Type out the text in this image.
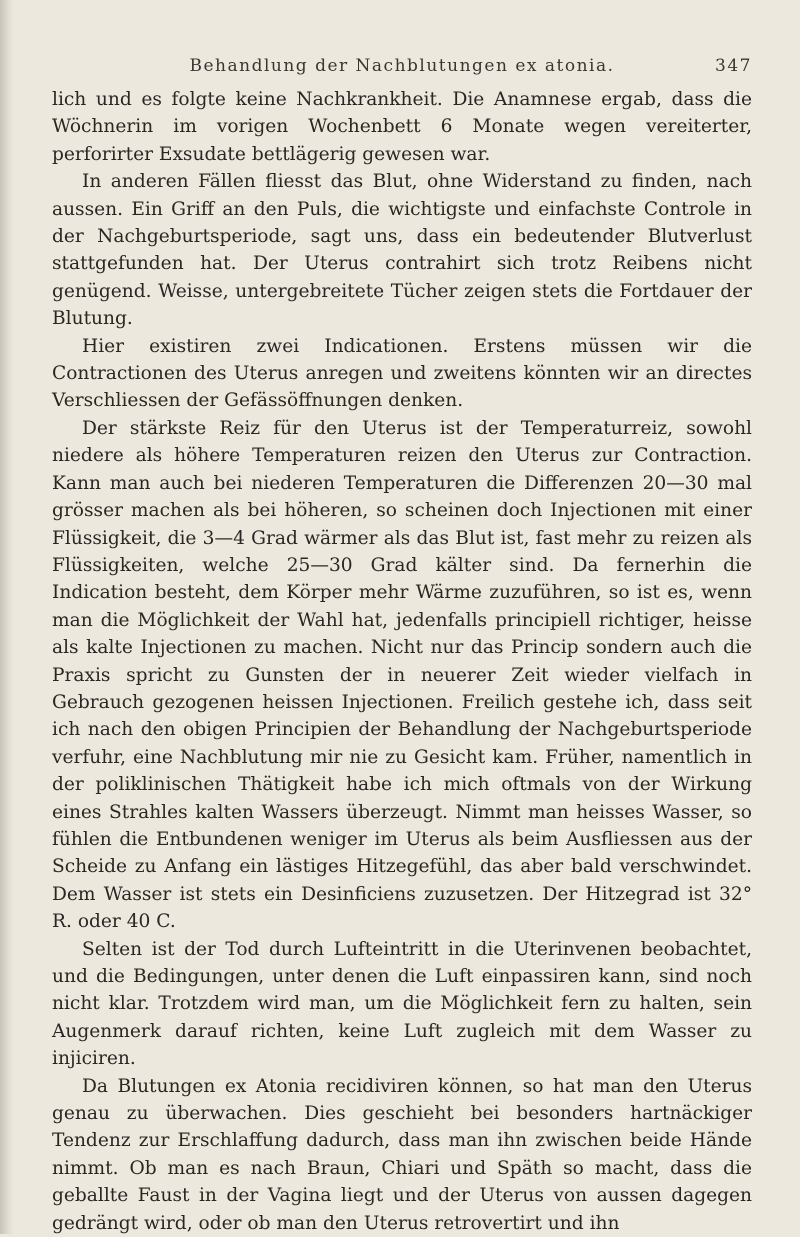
Behandlung der Nachblutungen ex atonia.	347

lich und es folgte keine Nachkrankheit. Die Anamnese ergab, dass die Wöchnerin im vorigen Wochenbett 6 Monate wegen vereiterter, perforirter Exsudate bettlägerig gewesen war.

In anderen Fällen fliesst das Blut, ohne Widerstand zu finden, nach aussen. Ein Griff an den Puls, die wichtigste und einfachste Controle in der Nachgeburtsperiode, sagt uns, dass ein bedeutender Blutverlust stattgefunden hat. Der Uterus contrahirt sich trotz Reibens nicht genügend. Weisse, untergebreitete Tücher zeigen stets die Fortdauer der Blutung.

Hier existiren zwei Indicationen. Erstens müssen wir die Contractionen des Uterus anregen und zweitens könnten wir an directes Verschliessen der Gefässöffnungen denken.

Der stärkste Reiz für den Uterus ist der Temperaturreiz, sowohl niedere als höhere Temperaturen reizen den Uterus zur Contraction. Kann man auch bei niederen Temperaturen die Differenzen 20—30 mal grösser machen als bei höheren, so scheinen doch Injectionen mit einer Flüssigkeit, die 3—4 Grad wärmer als das Blut ist, fast mehr zu reizen als Flüssigkeiten, welche 25—30 Grad kälter sind. Da fernerhin die Indication besteht, dem Körper mehr Wärme zuzuführen, so ist es, wenn man die Möglichkeit der Wahl hat, jedenfalls principiell richtiger, heisse als kalte Injectionen zu machen. Nicht nur das Princip sondern auch die Praxis spricht zu Gunsten der in neuerer Zeit wieder vielfach in Gebrauch gezogenen heissen Injectionen. Freilich gestehe ich, dass seit ich nach den obigen Principien der Behandlung der Nachgeburtsperiode verfuhr, eine Nachblutung mir nie zu Gesicht kam. Früher, namentlich in der poliklinischen Thätigkeit habe ich mich oftmals von der Wirkung eines Strahles kalten Wassers überzeugt. Nimmt man heisses Wasser, so fühlen die Entbundenen weniger im Uterus als beim Ausfliessen aus der Scheide zu Anfang ein lästiges Hitzegefühl, das aber bald verschwindet. Dem Wasser ist stets ein Desinficiens zuzusetzen. Der Hitzegrad ist 32° R. oder 40 C.

Selten ist der Tod durch Lufteintritt in die Uterinvenen beobachtet, und die Bedingungen, unter denen die Luft einpassiren kann, sind noch nicht klar. Trotzdem wird man, um die Möglichkeit fern zu halten, sein Augenmerk darauf richten, keine Luft zugleich mit dem Wasser zu injiciren.

Da Blutungen ex Atonia recidiviren können, so hat man den Uterus genau zu überwachen. Dies geschieht bei besonders hartnäckiger Tendenz zur Erschlaffung dadurch, dass man ihn zwischen beide Hände nimmt. Ob man es nach Braun, Chiari und Späth so macht, dass die geballte Faust in der Vagina liegt und der Uterus von aussen dagegen gedrängt wird, oder ob man den Uterus retrovertirt und ihn
